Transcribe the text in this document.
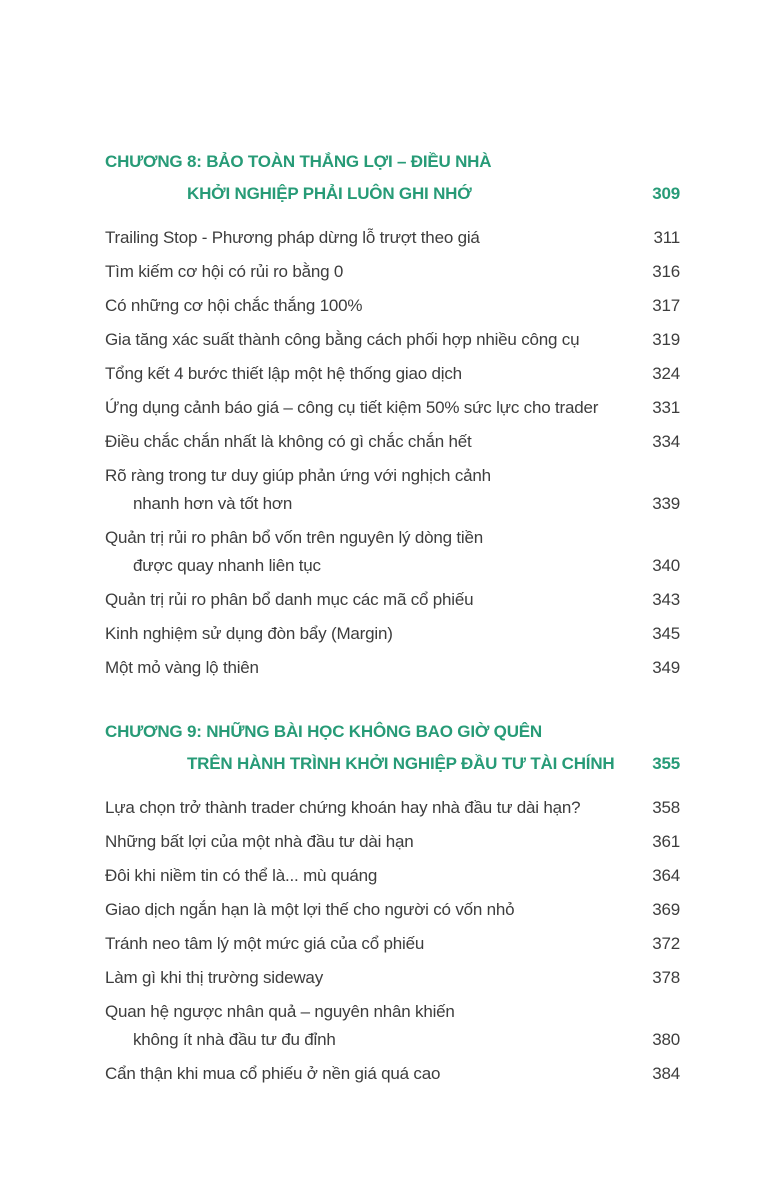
CHƯƠNG 8: BẢO TOÀN THẮNG LỢI – ĐIỀU NHÀ
KHỞI NGHIỆP PHẢI LUÔN GHI NHỚ	309
Trailing Stop - Phương pháp dừng lỗ trượt theo giá	311
Tìm kiếm cơ hội có rủi ro bằng 0	316
Có những cơ hội chắc thắng 100%	317
Gia tăng xác suất thành công bằng cách phối hợp nhiều công cụ	319
Tổng kết 4 bước thiết lập một hệ thống giao dịch	324
Ứng dụng cảnh báo giá – công cụ tiết kiệm 50% sức lực cho trader	331
Điều chắc chắn nhất là không có gì chắc chắn hết	334
Rõ ràng trong tư duy giúp phản ứng với nghịch cảnh
nhanh hơn và tốt hơn	339
Quản trị rủi ro phân bổ vốn trên nguyên lý dòng tiền
được quay nhanh liên tục	340
Quản trị rủi ro phân bổ danh mục các mã cổ phiếu	343
Kinh nghiệm sử dụng đòn bẩy (Margin)	345
Một mỏ vàng lộ thiên	349
CHƯƠNG 9: NHỮNG BÀI HỌC KHÔNG BAO GIỜ QUÊN
TRÊN HÀNH TRÌNH KHỞI NGHIỆP ĐẦU TƯ TÀI CHÍNH	355
Lựa chọn trở thành trader chứng khoán hay nhà đầu tư dài hạn?	358
Những bất lợi của một nhà đầu tư dài hạn	361
Đôi khi niềm tin có thể là... mù quáng	364
Giao dịch ngắn hạn là một lợi thế cho người có vốn nhỏ	369
Tránh neo tâm lý một mức giá của cổ phiếu	372
Làm gì khi thị trường sideway	378
Quan hệ ngược nhân quả – nguyên nhân khiến
không ít nhà đầu tư đu đỉnh	380
Cẩn thận khi mua cổ phiếu ở nền giá quá cao	384
